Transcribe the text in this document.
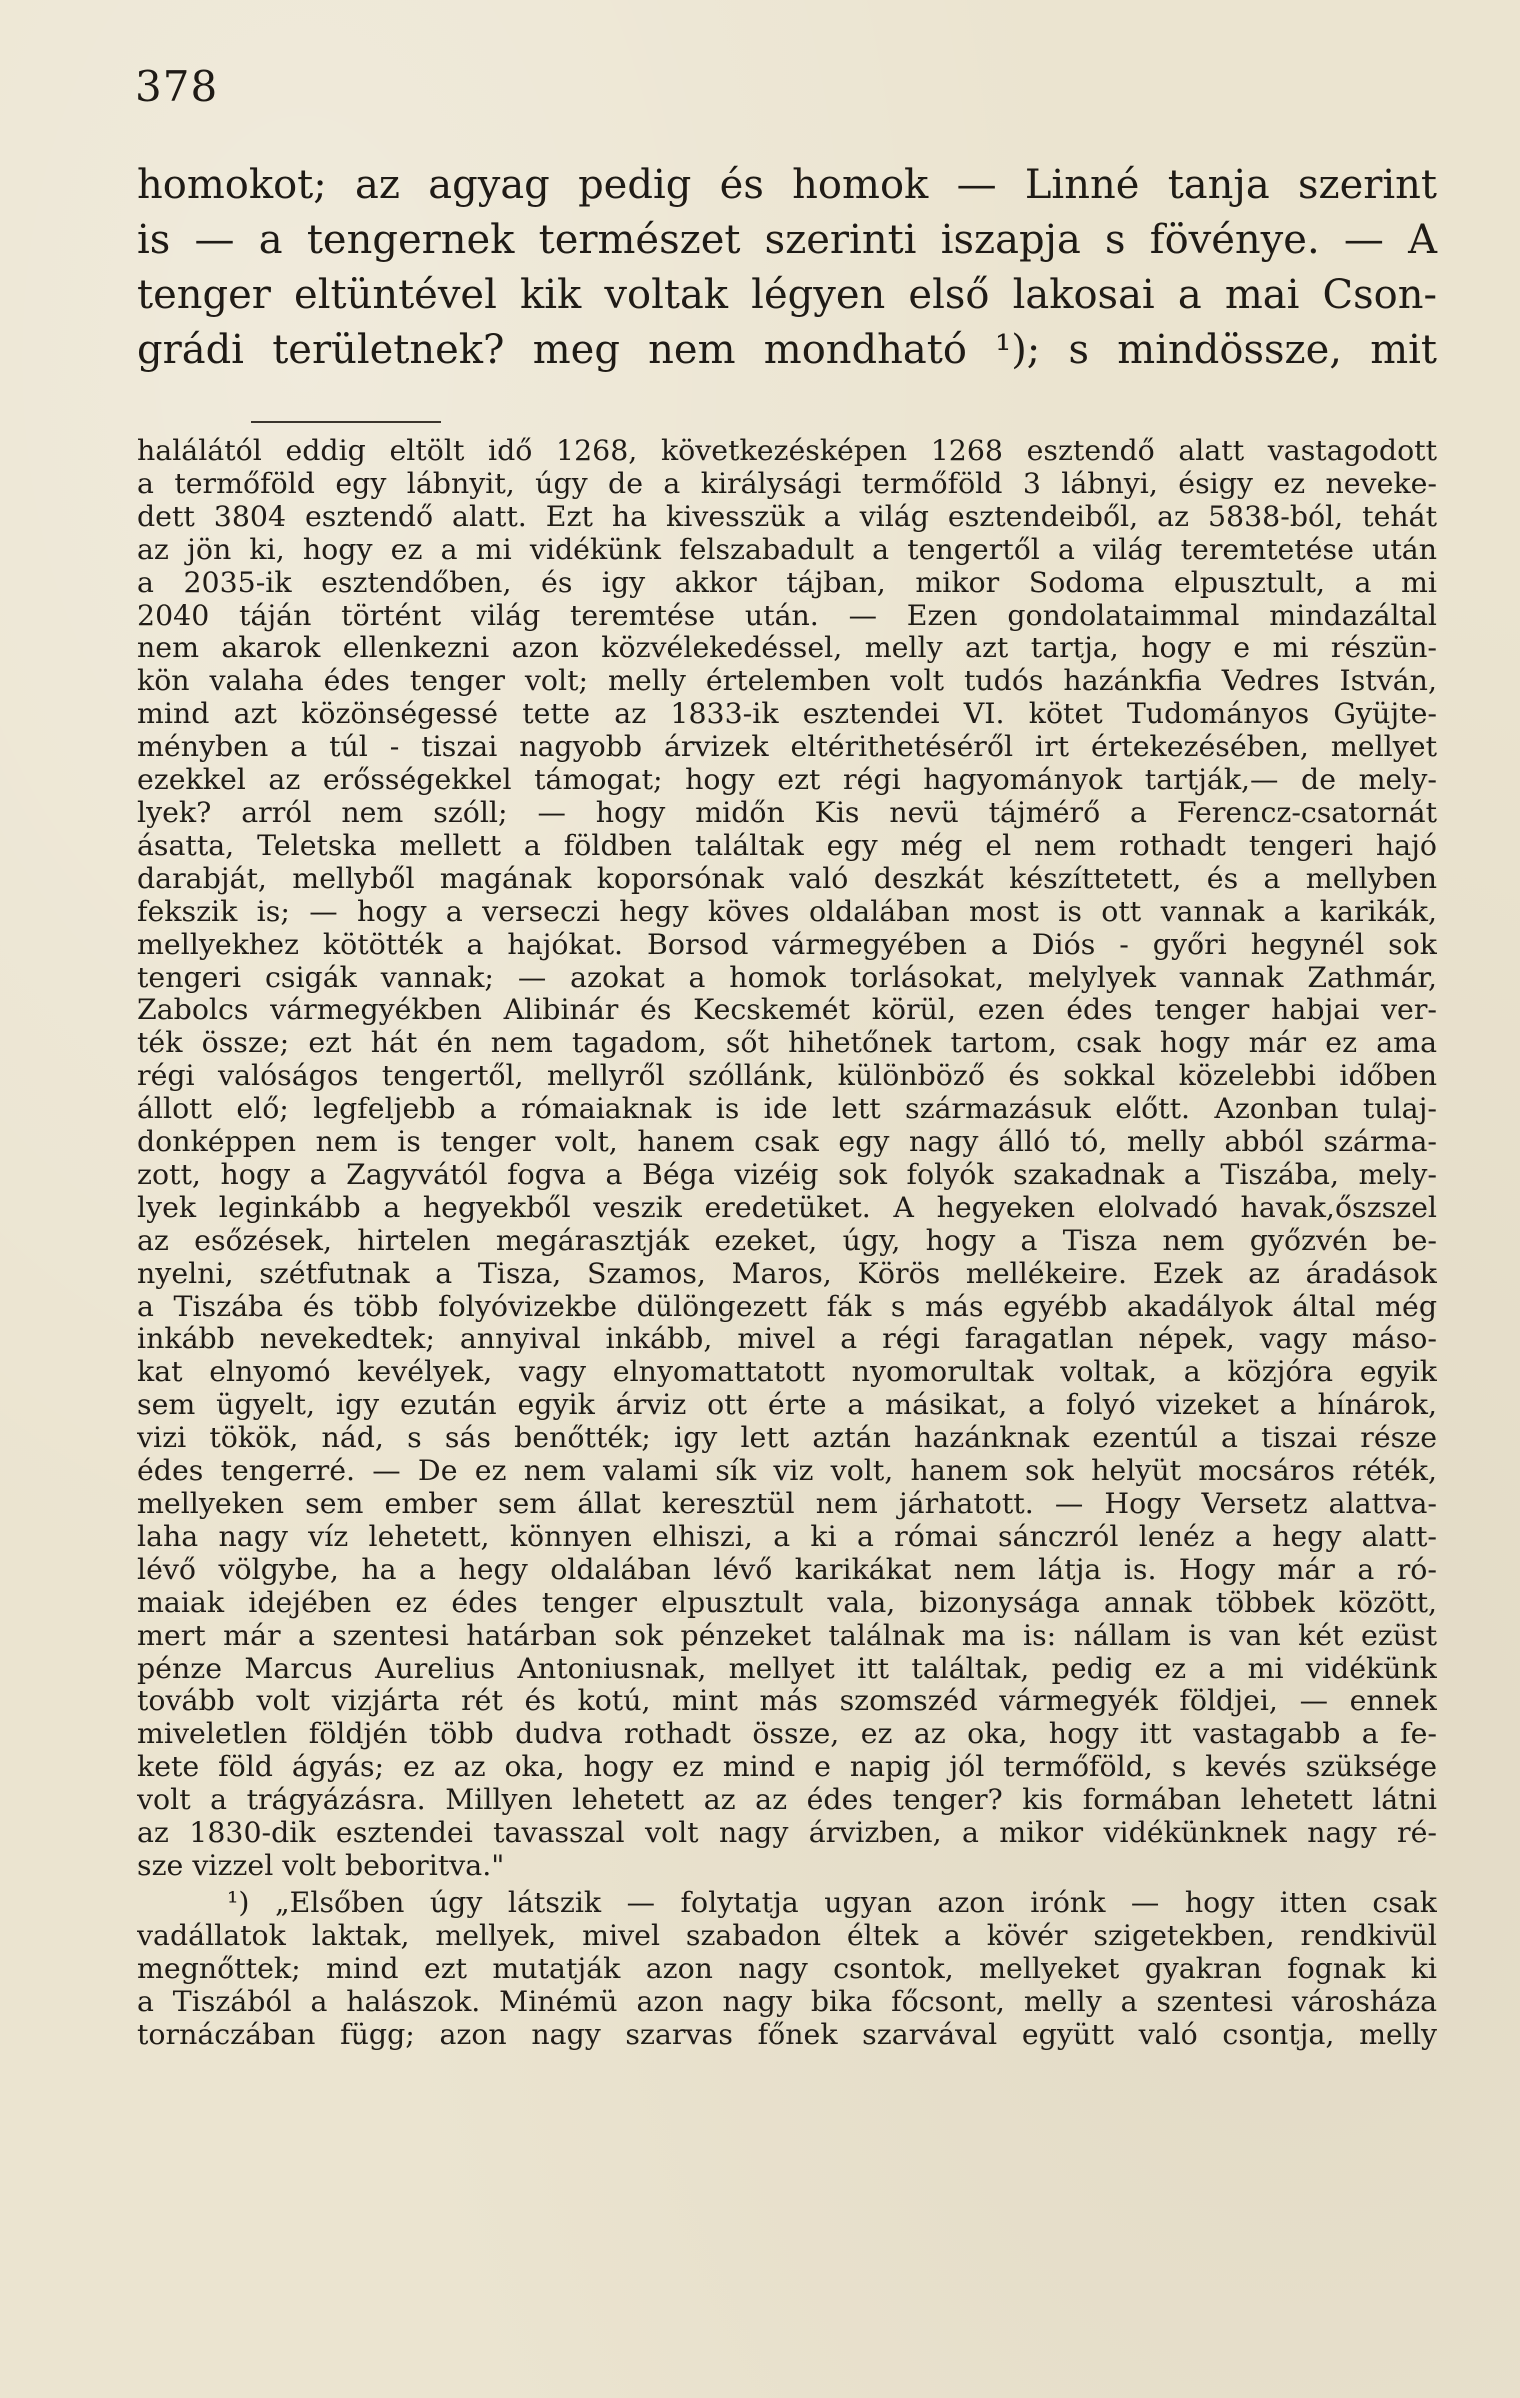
378
homokot; az agyag pedig és homok — Linné tanja szerint
is — a tengernek természet szerinti iszapja s fövénye. — A
tenger eltüntével kik voltak légyen első lakosai a mai Cson-
grádi területnek? meg nem mondható ¹); s mindössze, mit
halálától eddig eltölt idő 1268, következésképen 1268 esztendő alatt vastagodott
a termőföld egy lábnyit, úgy de a királysági termőföld 3 lábnyi, ésigy ez neveke-
dett 3804 esztendő alatt. Ezt ha kivesszük a világ esztendeiből, az 5838-ból, tehát
az jön ki, hogy ez a mi vidékünk felszabadult a tengertől a világ teremtetése után
a 2035-ik esztendőben, és igy akkor tájban, mikor Sodoma elpusztult, a mi
2040 táján történt világ teremtése után. — Ezen gondolataimmal mindazáltal
nem akarok ellenkezni azon közvélekedéssel, melly azt tartja, hogy e mi részün-
kön valaha édes tenger volt; melly értelemben volt tudós hazánkfia Vedres István,
mind azt közönségessé tette az 1833-ik esztendei VI. kötet Tudományos Gyüjte-
ményben a túl - tiszai nagyobb árvizek eltérithetéséről irt értekezésében, mellyet
ezekkel az erősségekkel támogat; hogy ezt régi hagyományok tartják,— de mely-
lyek? arról nem szóll; — hogy midőn Kis nevü tájmérő a Ferencz-csatornát
ásatta, Teletska mellett a földben találtak egy még el nem rothadt tengeri hajó
darabját, mellyből magának koporsónak való deszkát készíttetett, és a mellyben
fekszik is; — hogy a verseczi hegy köves oldalában most is ott vannak a karikák,
mellyekhez kötötték a hajókat. Borsod vármegyében a Diós - győri hegynél sok
tengeri csigák vannak; — azokat a homok torlásokat, melylyek vannak Zathmár,
Zabolcs vármegyékben Alibinár és Kecskemét körül, ezen édes tenger habjai ver-
ték össze; ezt hát én nem tagadom, sőt hihetőnek tartom, csak hogy már ez ama
régi valóságos tengertől, mellyről szóllánk, különböző és sokkal közelebbi időben
állott elő; legfeljebb a rómaiaknak is ide lett származásuk előtt. Azonban tulaj-
donképpen nem is tenger volt, hanem csak egy nagy álló tó, melly abból szárma-
zott, hogy a Zagyvától fogva a Béga vizéig sok folyók szakadnak a Tiszába, mely-
lyek leginkább a hegyekből veszik eredetüket. A hegyeken elolvadó havak,őszszel
az esőzések, hirtelen megárasztják ezeket, úgy, hogy a Tisza nem győzvén be-
nyelni, szétfutnak a Tisza, Szamos, Maros, Körös mellékeire. Ezek az áradások
a Tiszába és több folyóvizekbe dülöngezett fák s más egyébb akadályok által még
inkább nevekedtek; annyival inkább, mivel a régi faragatlan népek, vagy máso-
kat elnyomó kevélyek, vagy elnyomattatott nyomorultak voltak, a közjóra egyik
sem ügyelt, igy ezután egyik árviz ott érte a másikat, a folyó vizeket a hínárok,
vizi tökök, nád, s sás benőtték; igy lett aztán hazánknak ezentúl a tiszai része
édes tengerré. — De ez nem valami sík viz volt, hanem sok helyüt mocsáros réték,
mellyeken sem ember sem állat keresztül nem járhatott. — Hogy Versetz alattva-
laha nagy víz lehetett, könnyen elhiszi, a ki a római sánczról lenéz a hegy alatt-
lévő völgybe, ha a hegy oldalában lévő karikákat nem látja is. Hogy már a ró-
maiak idejében ez édes tenger elpusztult vala, bizonysága annak többek között,
mert már a szentesi határban sok pénzeket találnak ma is: nállam is van két ezüst
pénze Marcus Aurelius Antoniusnak, mellyet itt találtak, pedig ez a mi vidékünk
tovább volt vizjárta rét és kotú, mint más szomszéd vármegyék földjei, — ennek
miveletlen földjén több dudva rothadt össze, ez az oka, hogy itt vastagabb a fe-
kete föld ágyás; ez az oka, hogy ez mind e napig jól termőföld, s kevés szüksége
volt a trágyázásra. Millyen lehetett az az édes tenger? kis formában lehetett látni
az 1830-dik esztendei tavasszal volt nagy árvizben, a mikor vidékünknek nagy ré-
sze vizzel volt beboritva."
¹) „Elsőben úgy látszik — folytatja ugyan azon irónk — hogy itten csak
vadállatok laktak, mellyek, mivel szabadon éltek a kövér szigetekben, rendkivül
megnőttek; mind ezt mutatják azon nagy csontok, mellyeket gyakran fognak ki
a Tiszából a halászok. Minémü azon nagy bika főcsont, melly a szentesi városháza
tornáczában függ; azon nagy szarvas főnek szarvával együtt való csontja, melly
